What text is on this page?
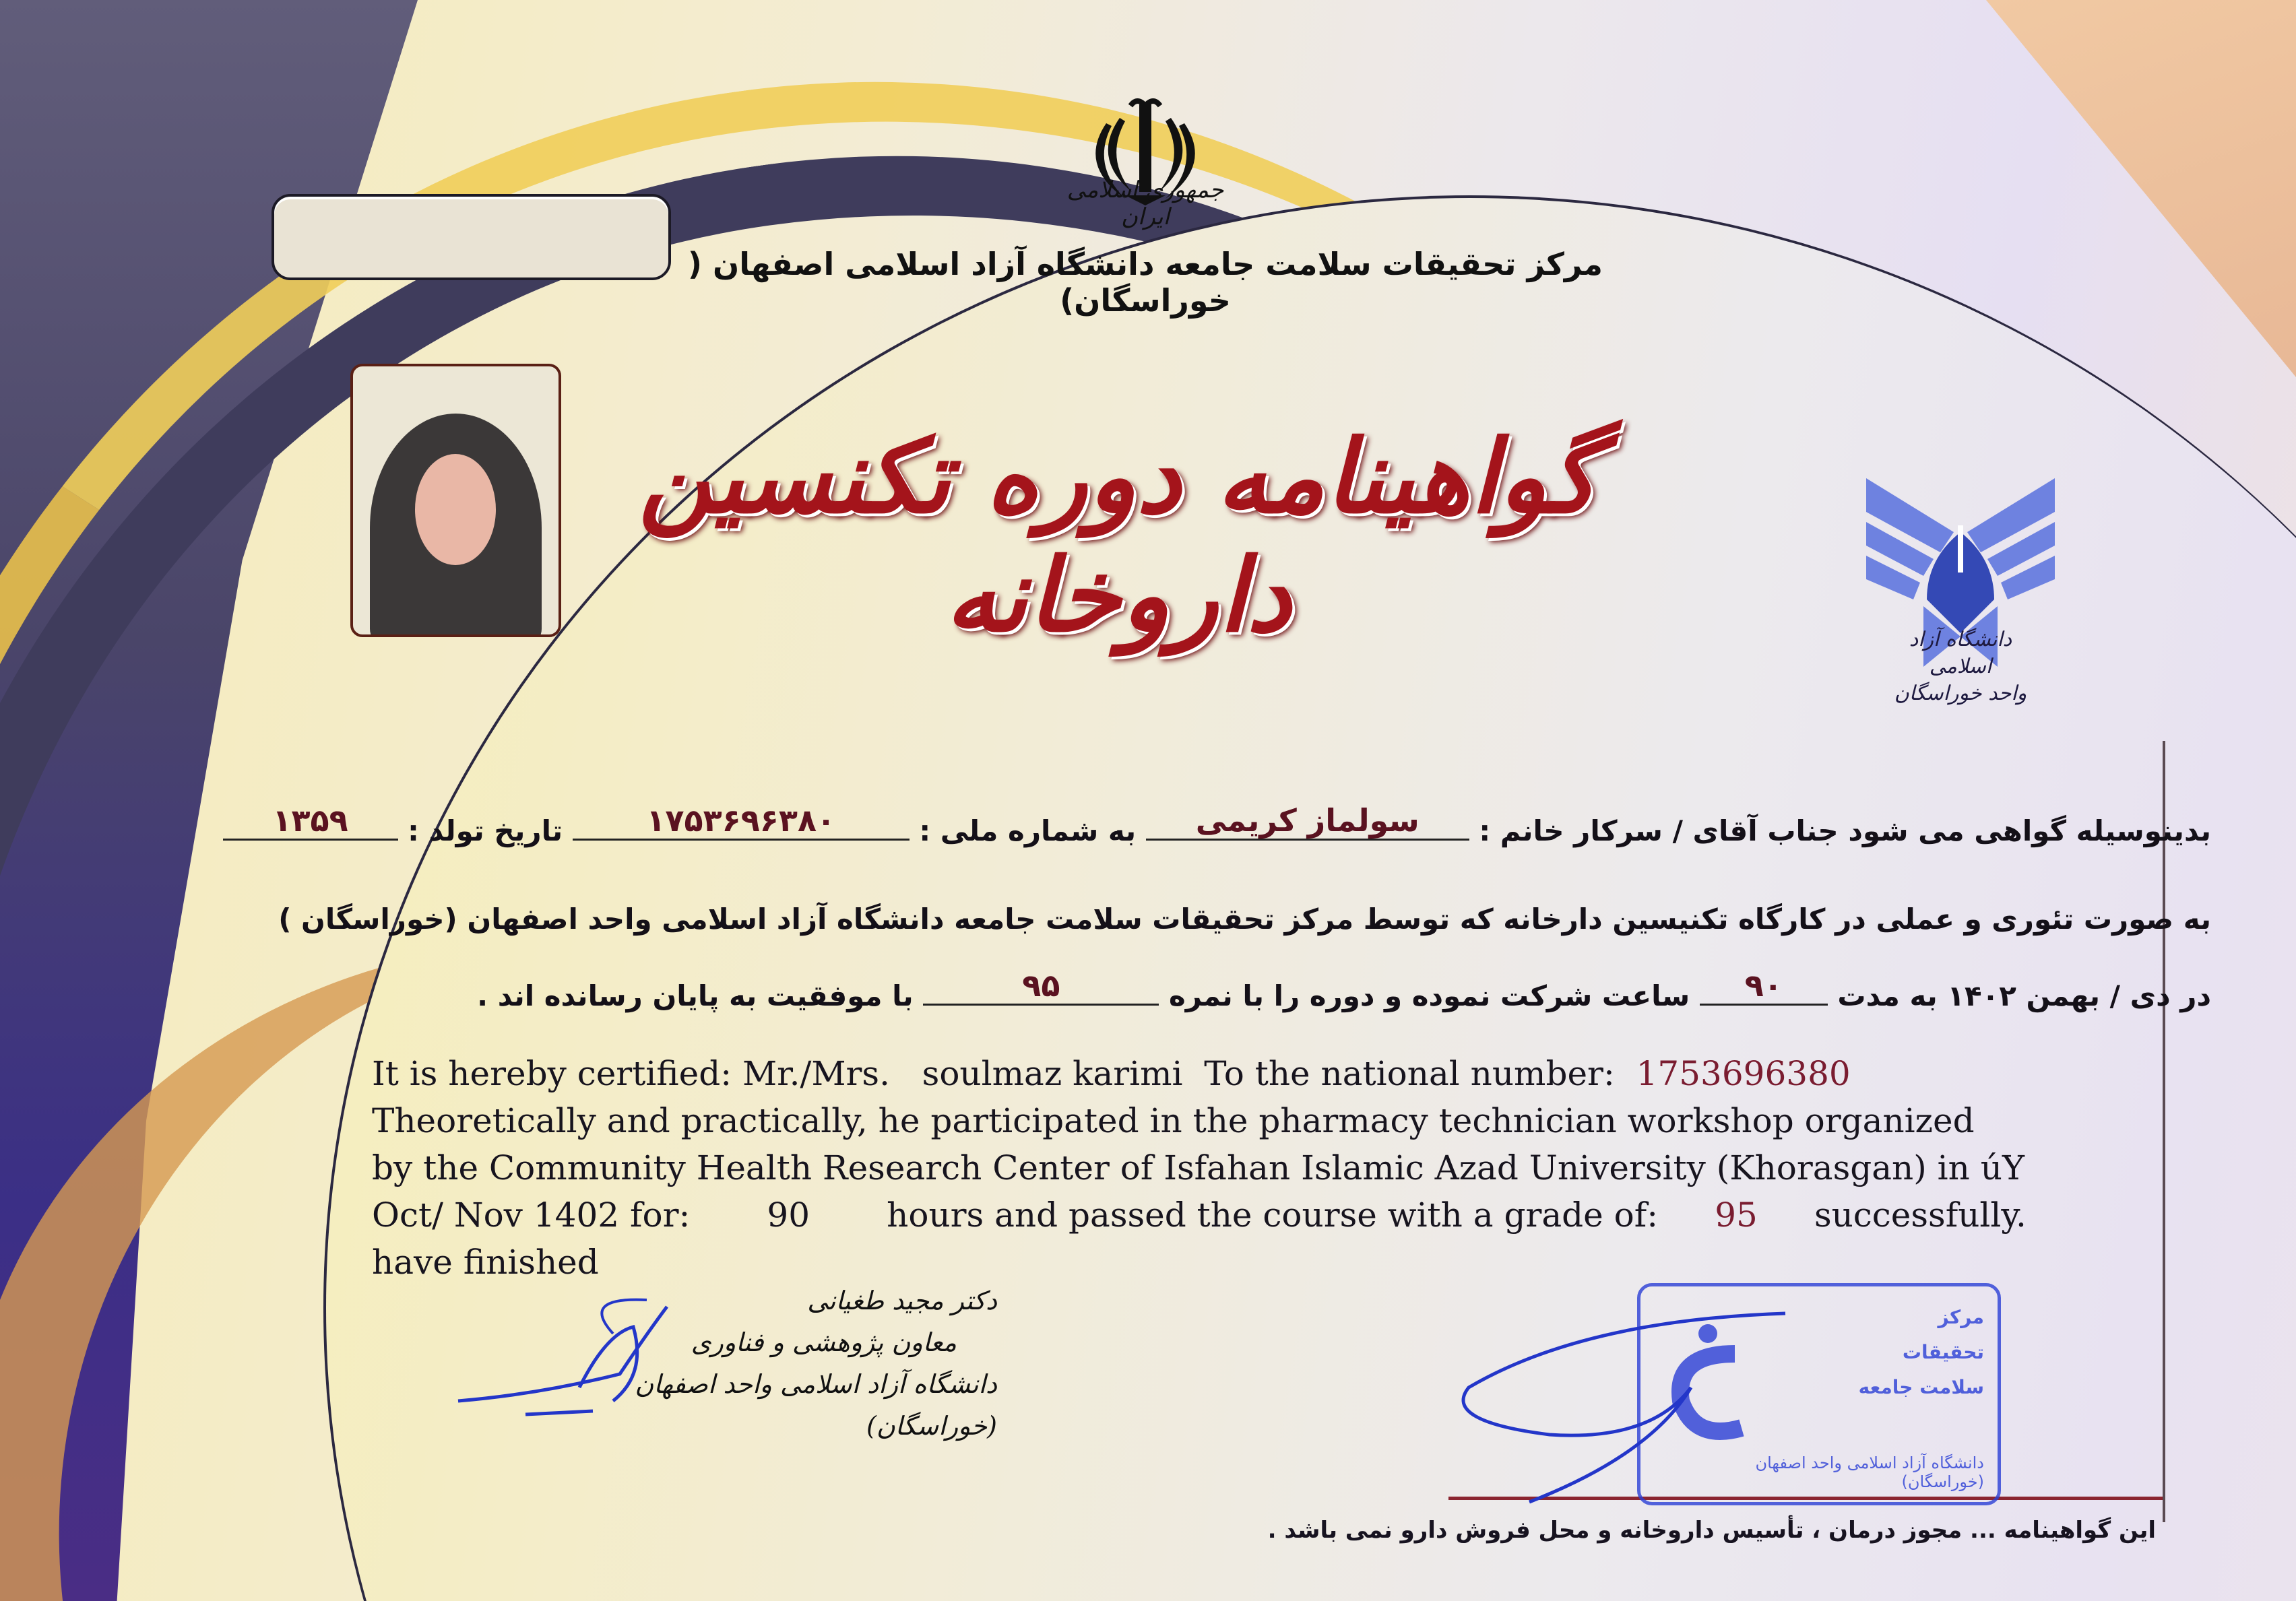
جمهوری اسلامی ایران
مرکز تحقیقات سلامت جامعه دانشگاه آزاد اسلامی اصفهان ( خوراسگان)
گواهینامه دوره تکنسین داروخانه	دانشگاه آزاد اسلامی
واحد خوراسگان
بدینوسیله گواهی می شود جناب آقای / سرکار خانم : سولماز کریمی به شماره ملی : ۱۷۵۳۶۹۶۳۸۰ تاریخ تولد : ۱۳۵۹
به صورت تئوری و عملی در کارگاه تکنیسین دارخانه که توسط مرکز تحقیقات سلامت جامعه دانشگاه آزاد اسلامی واحد اصفهان (خوراسگان )
در دی / بهمن ۱۴۰۲ به مدت ۹۰ ساعت شرکت نموده و دوره را با نمره ۹۵ با موفقیت به پایان رسانده اند .
It is hereby certified: Mr./Mrs. soulmaz karimi To the national number: 1753696380
Theoretically and practically, he participated in the pharmacy technician workshop organized
by the Community Health Research Center of Isfahan Islamic Azad University (Khorasgan) in úY
Oct/ Nov 1402 for: 90 hours and passed the course with a grade of: 95 successfully.
have finished
دکتر مجید طغیانی
معاون پژوهشی و فناوری
دانشگاه آزاد اسلامی واحد اصفهان (خوراسگان)
مرکز
تحقیقات
سلامت جامعه
دانشگاه آزاد اسلامی واحد اصفهان (خوراسگان)
این گواهینامه ... مجوز درمان ، تأسیس داروخانه و محل فروش دارو نمی باشد .
